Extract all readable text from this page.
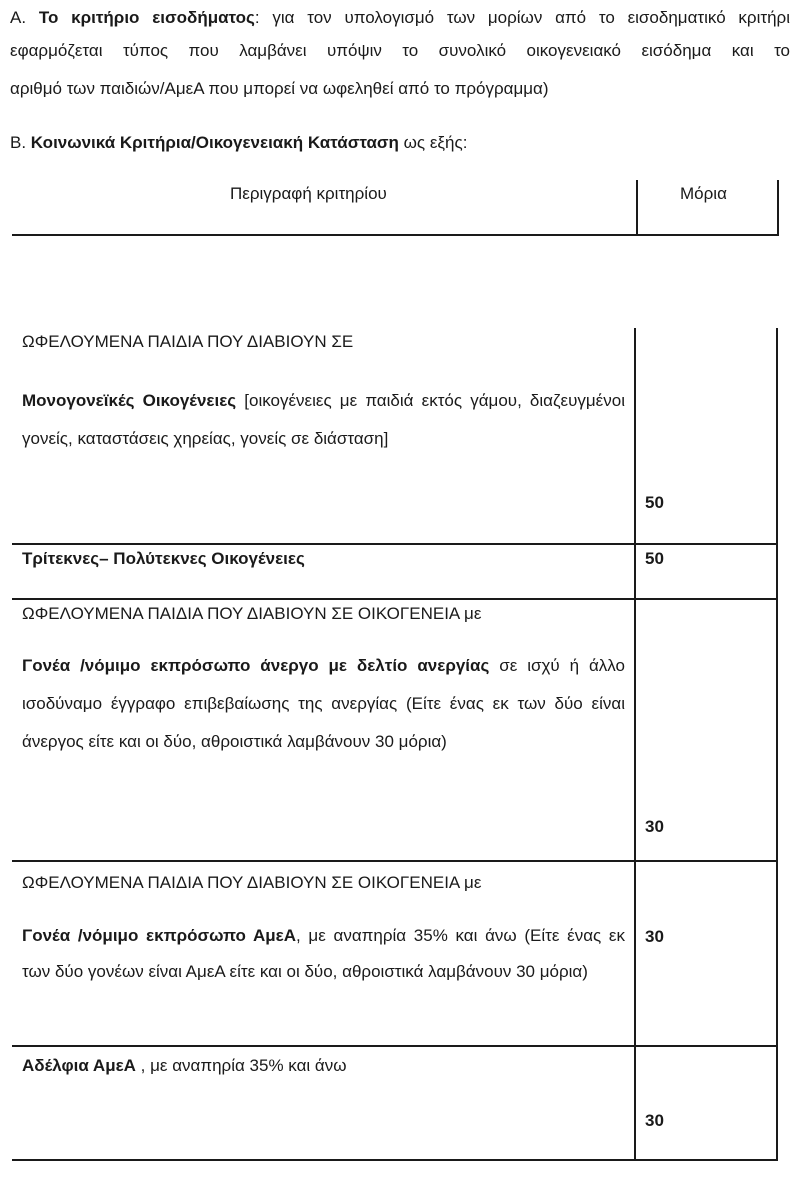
Α. Το κριτήριο εισοδήματος: για τον υπολογισμό των μορίων από το εισοδηματικό κριτήρι

εφαρμόζεται τύπος που λαμβάνει υπόψιν το συνολικό οικογενειακό εισόδημα και το

αριθμό των παιδιών/ΑμεΑ που μπορεί να ωφεληθεί από το πρόγραμμα)

Β. Κοινωνικά Κριτήρια/Οικογενειακή Κατάσταση ως εξής:

Περιγραφή κριτηρίου	Μόρια

ΩΦΕΛΟΥΜΕΝΑ ΠΑΙΔΙΑ ΠΟΥ ΔΙΑΒΙΟΥΝ ΣΕ

Μονογονεϊκές Οικογένειες [οικογένειες με παιδιά εκτός γάμου, διαζευγμένοι γονείς, καταστάσεις χηρείας, γονείς σε διάσταση]

50

Τρίτεκνες– Πολύτεκνες Οικογένειες	50

ΩΦΕΛΟΥΜΕΝΑ ΠΑΙΔΙΑ ΠΟΥ ΔΙΑΒΙΟΥΝ ΣΕ ΟΙΚΟΓΕΝΕΙΑ με

Γονέα /νόμιμο εκπρόσωπο άνεργο με δελτίο ανεργίας σε ισχύ ή άλλο ισοδύναμο έγγραφο επιβεβαίωσης της ανεργίας (Είτε ένας εκ των δύο είναι άνεργος είτε και οι δύο, αθροιστικά λαμβάνουν 30 μόρια)

30

ΩΦΕΛΟΥΜΕΝΑ ΠΑΙΔΙΑ ΠΟΥ ΔΙΑΒΙΟΥΝ ΣΕ ΟΙΚΟΓΕΝΕΙΑ με

Γονέα /νόμιμο εκπρόσωπο ΑμεΑ, με αναπηρία 35% και άνω (Είτε ένας εκ των δύο γονέων είναι ΑμεΑ είτε και οι δύο, αθροιστικά λαμβάνουν 30 μόρια)

30

Αδέλφια ΑμεΑ , με αναπηρία 35% και άνω

30
